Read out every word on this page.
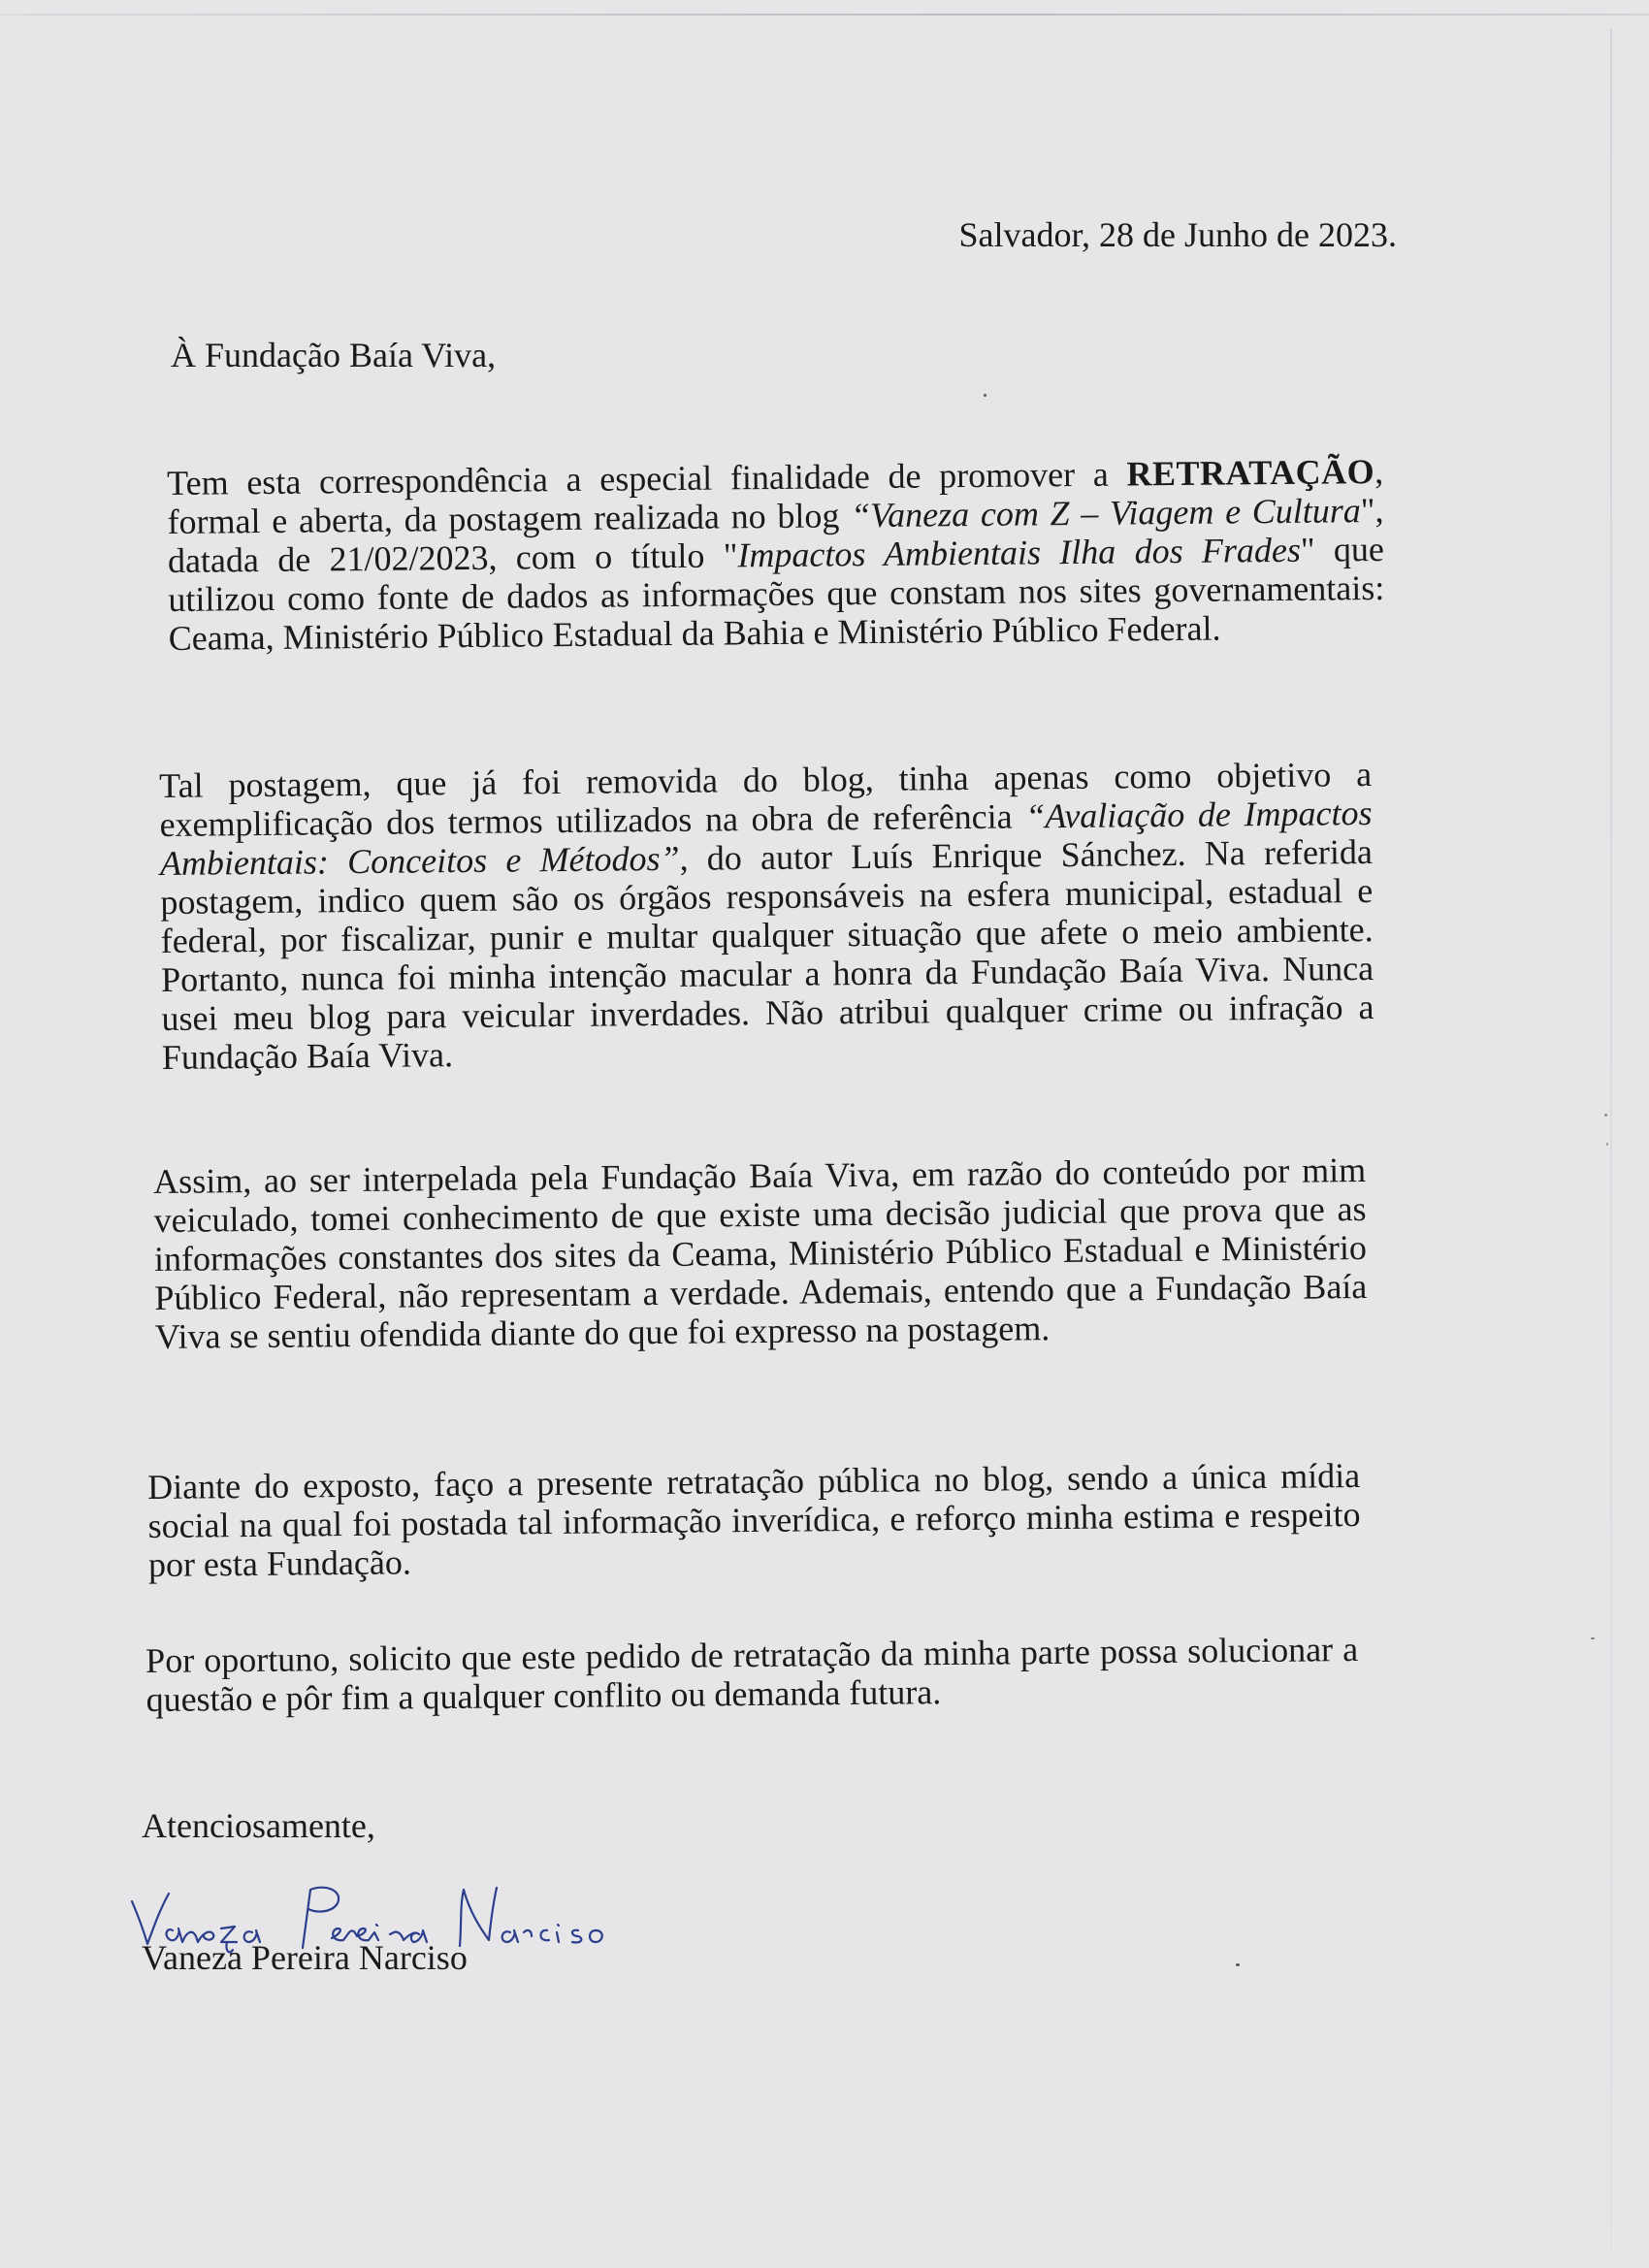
Salvador, 28 de Junho de 2023.
À Fundação Baía Viva,
Tem esta correspondência a especial finalidade de promover a RETRATAÇÃO, formal e aberta, da postagem realizada no blog “Vaneza com Z – Viagem e Cultura", datada de 21/02/2023, com o título "Impactos Ambientais Ilha dos Frades" que utilizou como fonte de dados as informações que constam nos sites governamentais: Ceama, Ministério Público Estadual da Bahia e Ministério Público Federal.
Tal postagem, que já foi removida do blog, tinha apenas como objetivo a exemplificação dos termos utilizados na obra de referência “Avaliação de Impactos Ambientais: Conceitos e Métodos”, do autor Luís Enrique Sánchez. Na referida postagem, indico quem são os órgãos responsáveis na esfera municipal, estadual e federal, por fiscalizar, punir e multar qualquer situação que afete o meio ambiente. Portanto, nunca foi minha intenção macular a honra da Fundação Baía Viva. Nunca usei meu blog para veicular inverdades. Não atribui qualquer crime ou infração a Fundação Baía Viva.
Assim, ao ser interpelada pela Fundação Baía Viva, em razão do conteúdo por mim veiculado, tomei conhecimento de que existe uma decisão judicial que prova que as informações constantes dos sites da Ceama, Ministério Público Estadual e Ministério Público Federal, não representam a verdade. Ademais, entendo que a Fundação Baía Viva se sentiu ofendida diante do que foi expresso na postagem.
Diante do exposto, faço a presente retratação pública no blog, sendo a única mídia social na qual foi postada tal informação inverídica, e reforço minha estima e respeito por esta Fundação.
Por oportuno, solicito que este pedido de retratação da minha parte possa solucionar a questão e pôr fim a qualquer conflito ou demanda futura.
Atenciosamente,
Vaneza Pereira Narciso
